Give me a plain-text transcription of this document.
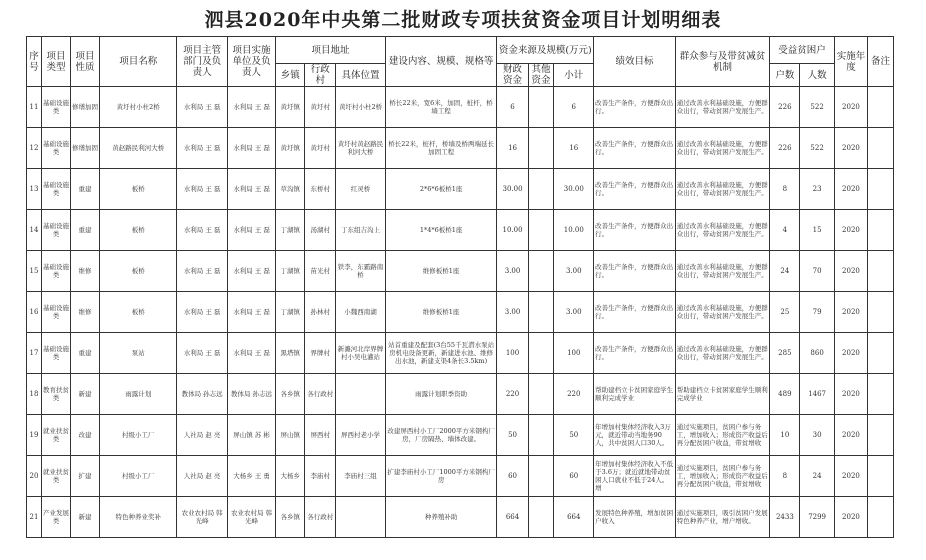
泗县2020年中央第二批财政专项扶贫资金项目计划明细表
序号	项目类型	项目性质	项目名称	项目主管部门及负责人	项目实施单位及负责人	项目地址			建设内容、规模、规格等	资金来源及规模(万元)			绩效目标	群众参与及带贫减贫机制	受益贫困户		实施年度	备注
						乡镇	行政村	具体位置		财政资金	其他资金	小计			户数	人数		
11	基础设施类	修缮加固	黄圩村小杜2桥	水利局 王 磊	水利局 王 磊	黄圩镇	黄圩村	黄圩村小杜2桥	桥长22米，宽6米，加固，桩杆，桥墙工程	6		6	改善生产条件，方便群众出行。	通过改善水利基础设施，方便群众出行，带动贫困户发展生产。	226	522	2020	
12	基础设施类	修缮加固	黄赵路民利河大桥	水利局 王 磊	水利局 王 磊	黄圩镇	黄圩村	黄圩村黄赵路民利河大桥	桥长22米，桩杆，桥墙及桥两端延长加固工程	16		16	改善生产条件，方便群众出行。	通过改善水利基础设施，方便群众出行，带动贫困户发展生产。	226	522	2020	
13	基础设施类	重建	板桥	水利局 王 磊	水利局 王 磊	草沟镇	东桥村	红灵桥	2*6*6板桥1座	30.00		30.00	改善生产条件，方便群众出行。	通过改善水利基础设施，方便群众出行，带动贫困户发展生产。	8	23	2020	
14	基础设施类	重建	板桥	水利局 王 磊	水利局 王 磊	丁湖镇	汤湖村	丁东组吉沟上	1*4*6板桥1座	10.00		10.00	改善生产条件，方便群众出行。	通过改善水利基础设施，方便群众出行，带动贫困户发展生产。	4	15	2020	
15	基础设施类	维修	板桥	水利局 王 磊	水利局 王 磊	丁湖镇	苗光村	铁李，东霸路南桥	维修板桥1座	3.00		3.00	改善生产条件，方便群众出行。	通过改善水利基础设施，方便群众出行，带动贫困户发展生产。	24	70	2020	
16	基础设施类	维修	板桥	水利局 王 磊	水利局 王 磊	丁湖镇	孙林村	小魏西南湖	维修板桥1座	3.00		3.00	改善生产条件，方便群众出行。	通过改善水利基础设施，方便群众出行，带动贫困户发展生产。	25	79	2020	
17	基础设施类	重建	泵站	水利局 王 磊	水利局 王 磊	黑塔镇	界牌村	新濉河北岸界牌村小吴电灌站	站首重建及配套(3台55千瓦潜水泵站房机电设备更新，新建进水池、维修出水池，新建支渠4条长3.5km)	100		100	改善生产条件，方便群众出行。	通过改善水利基础设施，方便群众出行，带动贫困户发展生产。	285	860	2020	
18	教育扶贫类	新建	雨露计划	教体局 孙志远	教体局 孙志远	各乡镇	各行政村		雨露计划职季资助	220		220	帮助建档立卡贫困家庭学生顺利完成学业	帮助建档立卡贫困家庭学生顺利完成学业	489	1467	2020	
19	就业扶贫类	改建	村级小工厂	人社局 赵 亮	屏山镇 苏 彬	屏山镇	屏西村	屏西村老小学	改建屏西村小工厂2000平方米钢构厂房，厂房隔热、墙体改建。	50		50	年增加村集体经济收入3万元，就近带动当地务90人，共中贫困人口30人。	通过实施项目，贫困户参与务工，增加收入；形成资产收益后再分配贫困户收益，带贫增收	10	30	2020	
20	就业扶贫类	扩建	村级小工厂	人社局 赵 亮	大杨乡 王 勇	大杨乡	李庙村	李庙村三组	扩建李庙村小工厂1000平方米钢构厂房	60		60	年增加村集体经济收入不低于3.6万；就近就地带动贫困人口就业不低于24人。增	通过实施项目，贫困户参与务工，增加收入；形成资产收益后再分配贫困户收益，带贫增收	8	24	2020	
21	产业发展类	新建	特色种养业奖补	农业农村局 韩光峰	农业农村局 韩光峰	各乡镇	各行政村		种养殖补助	664		664	发展特色种养殖，增加贫困户收入	通过实施项目，吸引贫困户发展特色种养产业，增户增收。	2433	7299	2020	
